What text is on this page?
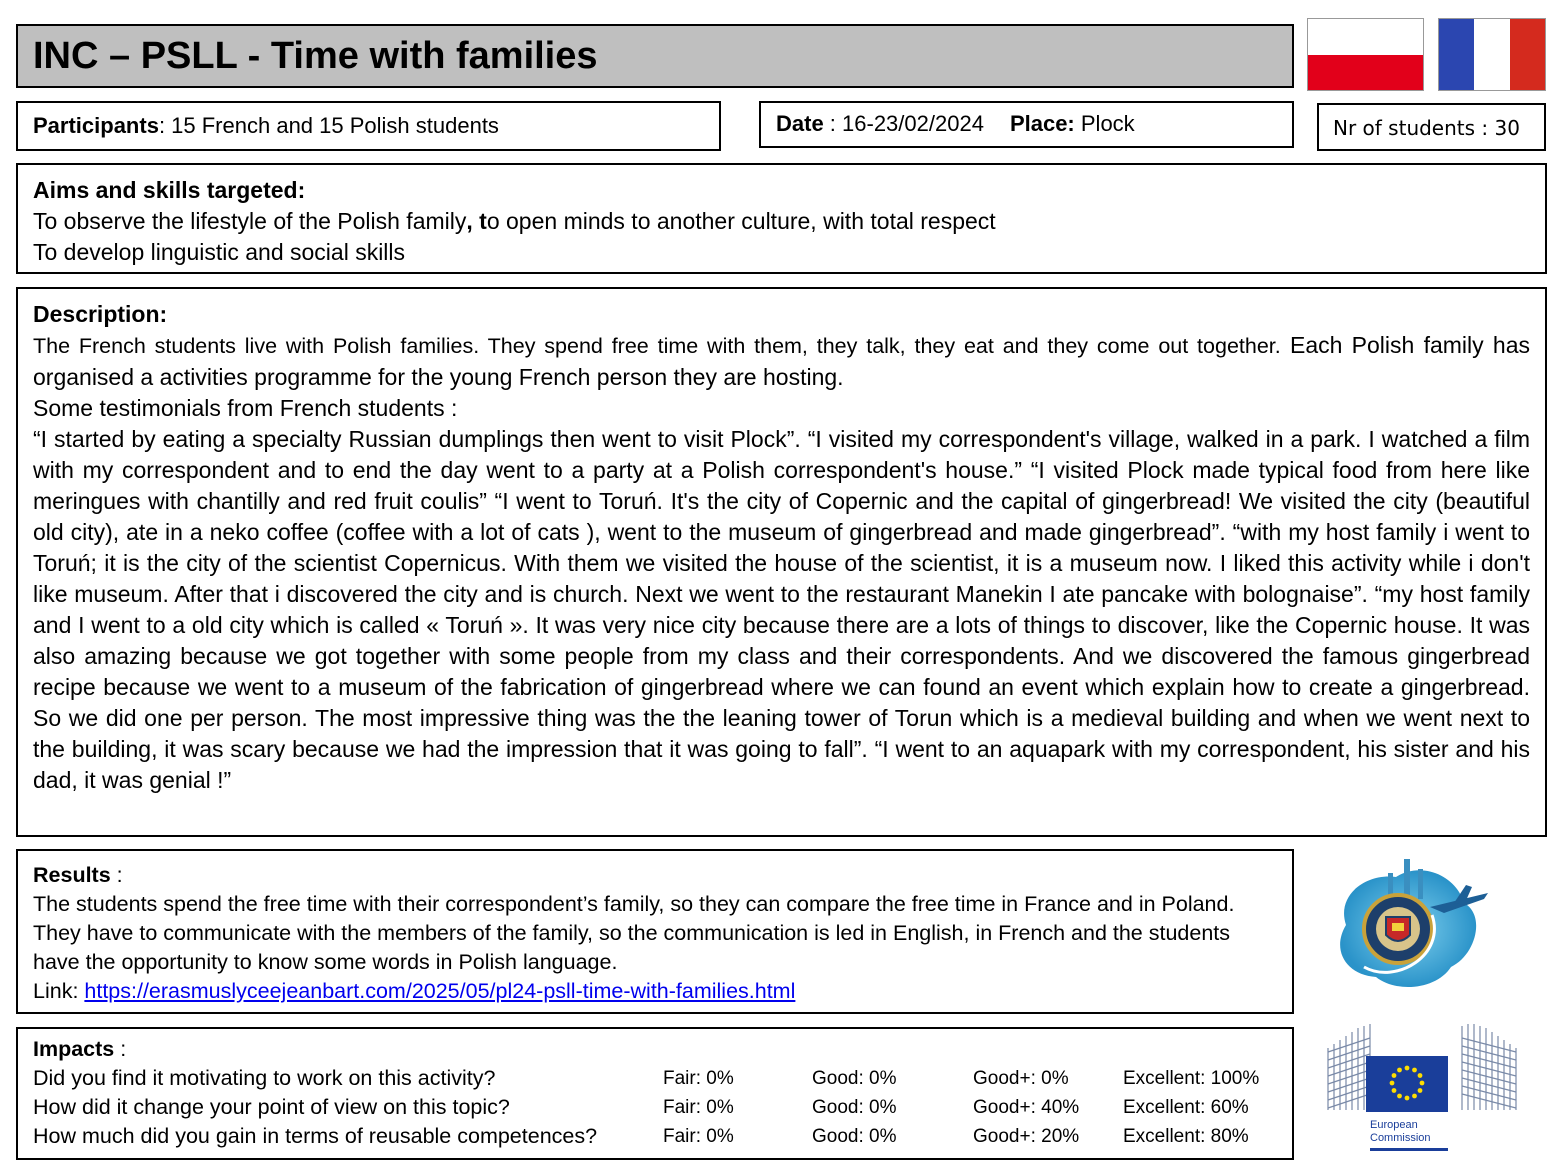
INC – PSLL - Time with families
Participants: 15 French and 15 Polish students	Date : 16-23/02/2024 Place: Plock	Nr of students : 30
Aims and skills targeted:
To observe the lifestyle of the Polish family, to open minds to another culture, with total respect
To develop linguistic and social skills
Description:

The French students live with Polish families. They spend free time with them, they talk, they eat and they come out together. Each Polish family has organised a activities programme for the young French person they are hosting.

Some testimonials from French students :

“I started by eating a specialty Russian dumplings then went to visit Plock”. “I visited my correspondent's village, walked in a park. I watched a film with my correspondent and to end the day went to a party at a Polish correspondent's house.” “I visited Plock made typical food from here like meringues with chantilly and red fruit coulis” “I went to Toruń. It's the city of Copernic and the capital of gingerbread! We visited the city (beautiful old city), ate in a neko coffee (coffee with a lot of cats ), went to the museum of gingerbread and made gingerbread”. “with my host family i went to Toruń; it is the city of the scientist Copernicus. With them we visited the house of the scientist, it is a museum now. I liked this activity while i don't like museum. After that i discovered the city and is church. Next we went to the restaurant Manekin I ate pancake with bolognaise”. “my host family and I went to a old city which is called « Toruń ». It was very nice city because there are a lots of things to discover, like the Copernic house. It was also amazing because we got together with some people from my class and their correspondents. And we discovered the famous gingerbread recipe because we went to a museum of the fabrication of gingerbread where we can found an event which explain how to create a gingerbread. So we did one per person. The most impressive thing was the the leaning tower of Torun which is a medieval building and when we went next to the building, it was scary because we had the impression that it was going to fall”. “I went to an aquapark with my correspondent, his sister and his dad, it was genial !”

Results :
The students spend the free time with their correspondent’s family, so they can compare the free time in France and in Poland. They have to communicate with the members of the family, so the communication is led in English, in French and the students have the opportunity to know some words in Polish language.
Link: https://erasmuslyceejeanbart.com/2025/05/pl24-psll-time-with-families.html
Impacts :
Did you find it motivating to work on this activity?	Fair: 0%	Good: 0%	Good+: 0%	Excellent: 100%
How did it change your point of view on this topic?	Fair: 0%	Good: 0%	Good+: 40% Excellent: 60%
How much did you gain in terms of reusable competences?	Fair: 0%	Good: 0%	Good+: 20% Excellent: 80%
European
Commission
